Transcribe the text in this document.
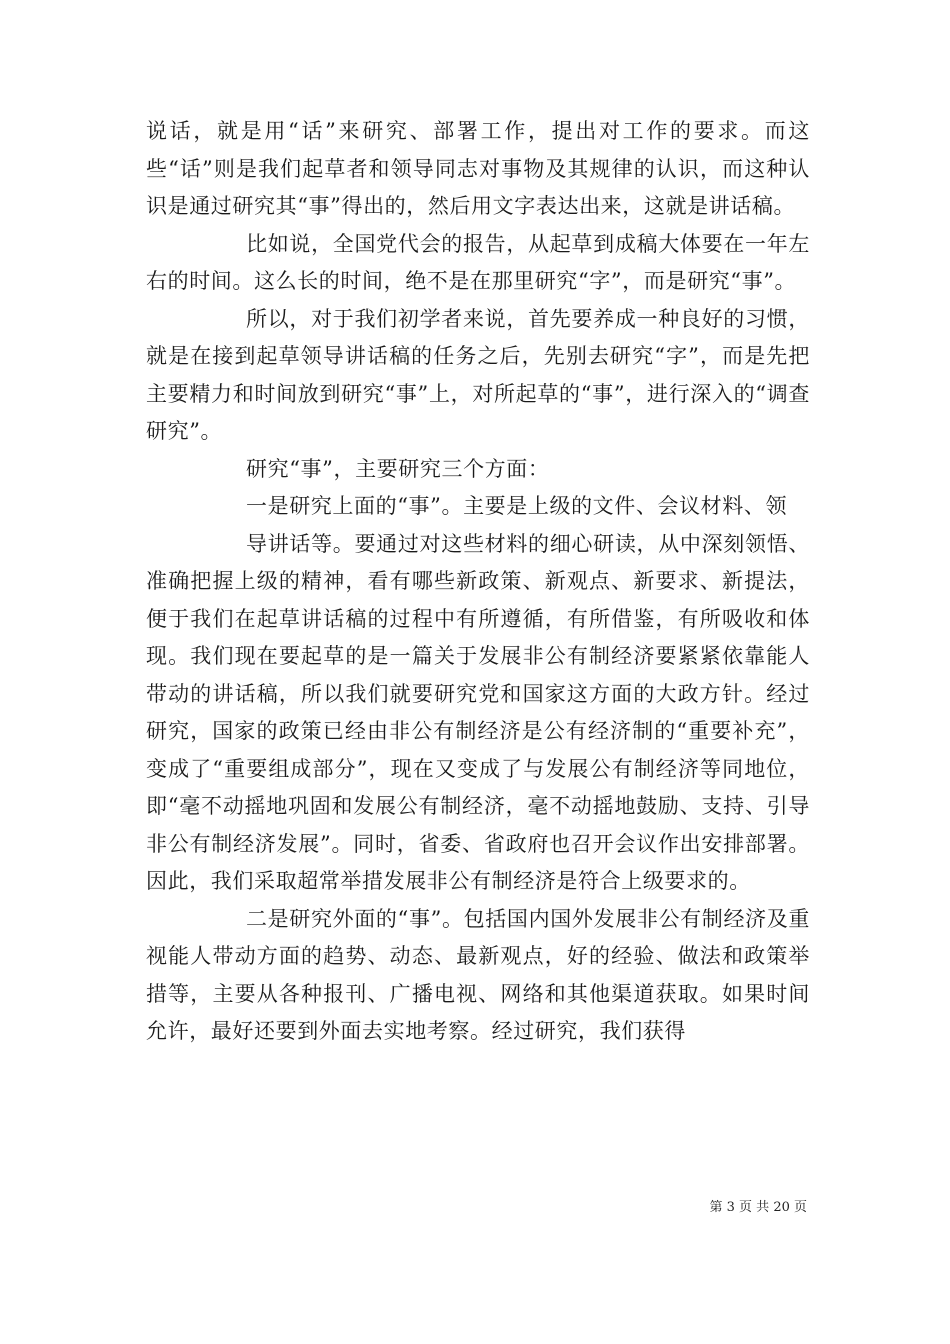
说话，就是用“话”来研究、部署工作，提出对工作的要求。而这些“话”则是我们起草者和领导同志对事物及其规律的认识，而这种认识是通过研究其“事”得出的，然后用文字表达出来，这就是讲话稿。

比如说，全国党代会的报告，从起草到成稿大体要在一年左右的时间。这么长的时间，绝不是在那里研究“字”，而是研究“事”。

所以，对于我们初学者来说，首先要养成一种良好的习惯，就是在接到起草领导讲话稿的任务之后，先别去研究“字”，而是先把主要精力和时间放到研究“事”上，对所起草的“事”，进行深入的“调查研究”。

研究“事”，主要研究三个方面：

一是研究上面的“事”。主要是上级的文件、会议材料、领

导讲话等。要通过对这些材料的细心研读，从中深刻领悟、准确把握上级的精神，看有哪些新政策、新观点、新要求、新提法，便于我们在起草讲话稿的过程中有所遵循，有所借鉴，有所吸收和体现。我们现在要起草的是一篇关于发展非公有制经济要紧紧依靠能人带动的讲话稿，所以我们就要研究党和国家这方面的大政方针。经过研究，国家的政策已经由非公有制经济是公有经济制的“重要补充”，变成了“重要组成部分”，现在又变成了与发展公有制经济等同地位，即“毫不动摇地巩固和发展公有制经济，毫不动摇地鼓励、支持、引导非公有制经济发展”。同时，省委、省政府也召开会议作出安排部署。因此，我们采取超常举措发展非公有制经济是符合上级要求的。

二是研究外面的“事”。包括国内国外发展非公有制经济及重视能人带动方面的趋势、动态、最新观点，好的经验、做法和政策举措等，主要从各种报刊、广播电视、网络和其他渠道获取。如果时间允许，最好还要到外面去实地考察。经过研究，我们获得

第 3 页 共 20 页
